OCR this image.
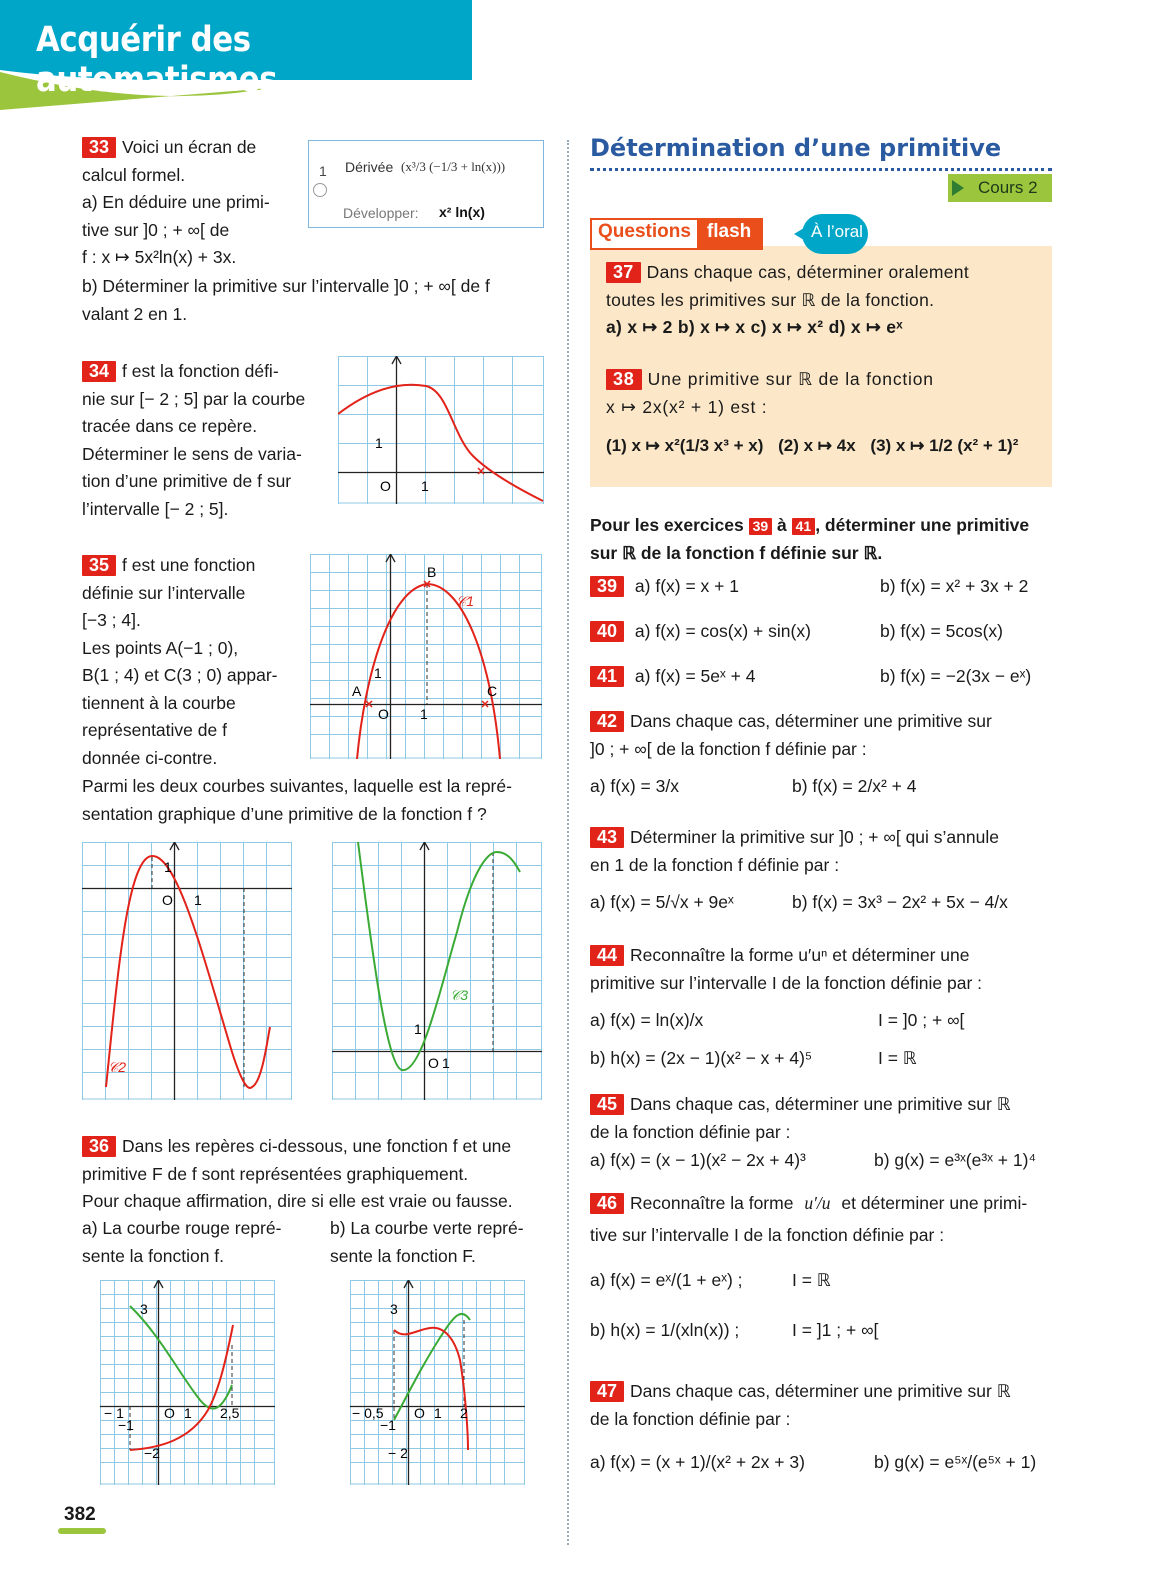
Acquérir des automatismes
33 Voici un écran de
calcul formel.
a) En déduire une primi-
tive sur ]0 ; + ∞[ de
f : x ↦ 5x²ln(x) + 3x.
b) Déterminer la primitive sur l’intervalle ]0 ; + ∞[ de f
valant 2 en 1.
1 Dérivée (x³/3 (−1/3 + ln(x)))
Développer: x² ln(x)
34 f est la fonction défi-
nie sur [− 2 ; 5] par la courbe
tracée dans ce repère.
Déterminer le sens de varia-
tion d’une primitive de f sur
l’intervalle [− 2 ; 5].
O 1
1
35 f est une fonction
définie sur l’intervalle
[−3 ; 4].
Les points A(−1 ; 0),
B(1 ; 4) et C(3 ; 0) appar-
tiennent à la courbe
représentative de f
donnée ci-contre.
Parmi les deux courbes suivantes, laquelle est la repré-
sentation graphique d’une primitive de la fonction f ?
B
A	C
O 1
1
𝒞1
O 1
1
𝒞2	O 1
1
𝒞3
36 Dans les repères ci-dessous, une fonction f et une
primitive F de f sont représentées graphiquement.
Pour chaque affirmation, dire si elle est vraie ou fausse.
a) La courbe rouge repré-
sente la fonction f.
b) La courbe verte repré-
sente la fonction F.
3
−1
−2
− 1	O 1 2,5
3
−1
− 2
− 0,5 O 1 2
382
Détermination d’une primitive
Cours 2
Questions flash	À l’oral
37 Dans chaque cas, déterminer oralement
toutes les primitives sur ℝ de la fonction.
a) x ↦ 2 b) x ↦ x c) x ↦ x² d) x ↦ eˣ
38 Une primitive sur ℝ de la fonction
x ↦ 2x(x² + 1) est :
(1) x ↦ x²(1/3 x³ + x) (2) x ↦ 4x (3) x ↦ 1/2 (x² + 1)²
Pour les exercices 39 à 41 , déterminer une primitive
sur ℝ de la fonction f définie sur ℝ.
39 a) f(x) = x + 1	b) f(x) = x² + 3x + 2
40 a) f(x) = cos(x) + sin(x)	b) f(x) = 5cos(x)
41 a) f(x) = 5eˣ + 4	b) f(x) = −2(3x − eˣ)
42 Dans chaque cas, déterminer une primitive sur
]0 ; + ∞[ de la fonction f définie par :
a) f(x) = 3/x	b) f(x) = 2/x² + 4
43 Déterminer la primitive sur ]0 ; + ∞[ qui s’annule
en 1 de la fonction f définie par :
a) f(x) = 5/√x + 9eˣ	b) f(x) = 3x³ − 2x² + 5x − 4/x
44 Reconnaître la forme u′uⁿ et déterminer une
primitive sur l’intervalle I de la fonction définie par :
a) f(x) = ln(x)/x	I = ]0 ; + ∞[
b) h(x) = (2x − 1)(x² − x + 4)⁵	I = ℝ
45 Dans chaque cas, déterminer une primitive sur ℝ
de la fonction définie par :
a) f(x) = (x − 1)(x² − 2x + 4)³	b) g(x) = e³ˣ(e³ˣ + 1)⁴
46 Reconnaître la forme u′/u et déterminer une primi-
tive sur l’intervalle I de la fonction définie par :
a) f(x) = eˣ/(1 + eˣ) ;	I = ℝ
b) h(x) = 1/(xln(x)) ;	I = ]1 ; + ∞[
47 Dans chaque cas, déterminer une primitive sur ℝ
de la fonction définie par :
a) f(x) = (x + 1)/(x² + 2x + 3)	b) g(x) = e⁵ˣ/(e⁵ˣ + 1)
